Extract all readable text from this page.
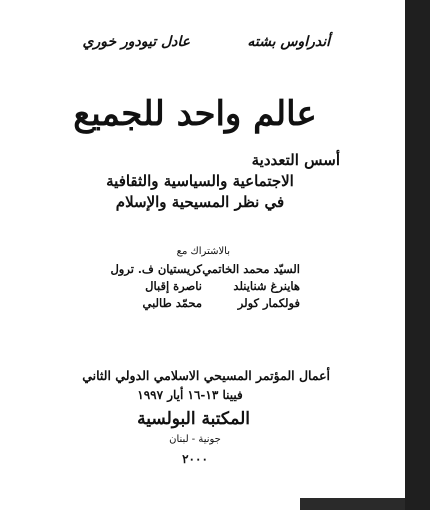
أندراوس بشته
عادل تيودور خوري
عالم واحد للجميع
أسس التعددية
الاجتماعية والسياسية والثقافية
في نظر المسيحية والإسلام
بالاشتراك مع
كريستيان ف. ترول السيّد محمد الخاتمي
ناصرة إقبال	هاينرغ شناينلد
محمّد طالبي	فولكمار كولر
أعمال المؤتمر المسيحي الاسلامي الدولي الثاني
فيينا ١٣-١٦ أيار ١٩٩٧
المكتبة البولسية
جونية - لبنان
٢٠٠٠
